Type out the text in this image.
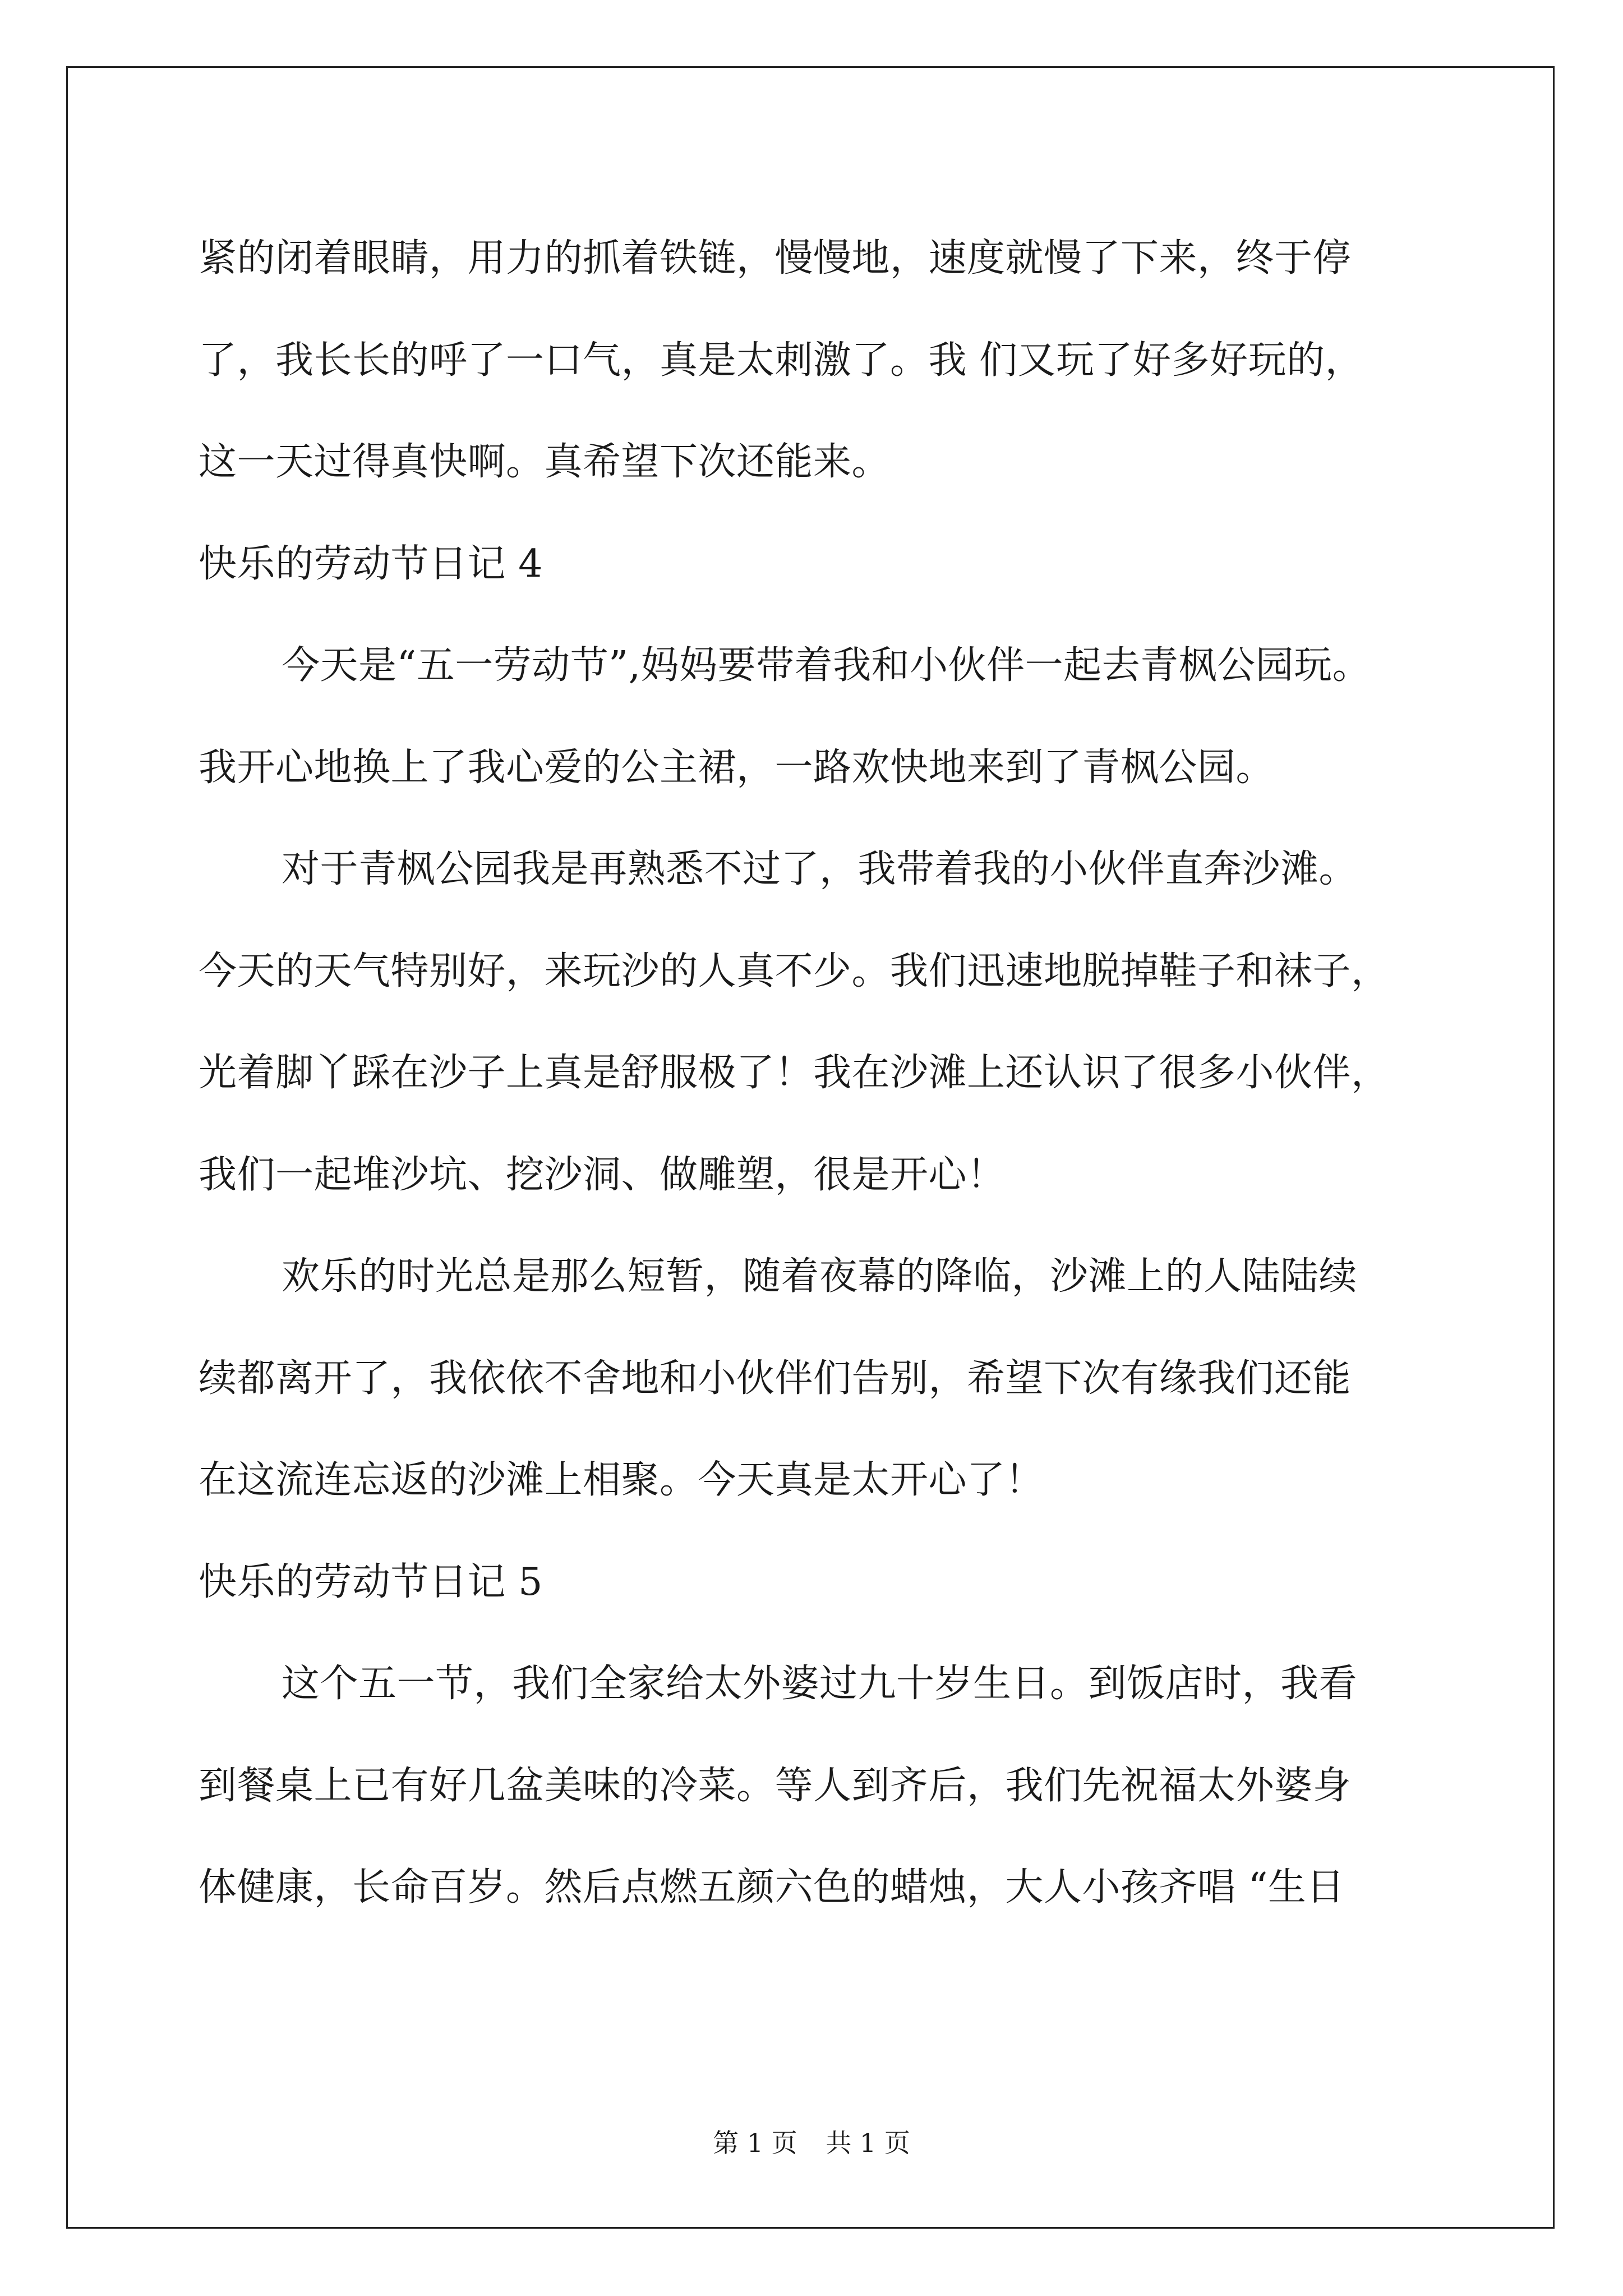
紧的闭着眼睛，用力的抓着铁链，慢慢地，速度就慢了下来，终于停
了，我长长的呼了一口气，真是太刺激了。我 们又玩了好多好玩的，
这一天过得真快啊。真希望下次还能来。
快乐的劳动节日记 4
今天是“五一劳动节”,妈妈要带着我和小伙伴一起去青枫公园玩。
我开心地换上了我心爱的公主裙，一路欢快地来到了青枫公园。
对于青枫公园我是再熟悉不过了，我带着我的小伙伴直奔沙滩。
今天的天气特别好，来玩沙的人真不少。我们迅速地脱掉鞋子和袜子，
光着脚丫踩在沙子上真是舒服极了！我在沙滩上还认识了很多小伙伴，
我们一起堆沙坑、挖沙洞、做雕塑，很是开心！
欢乐的时光总是那么短暂，随着夜幕的降临，沙滩上的人陆陆续
续都离开了，我依依不舍地和小伙伴们告别，希望下次有缘我们还能
在这流连忘返的沙滩上相聚。今天真是太开心了！
快乐的劳动节日记 5
这个五一节，我们全家给太外婆过九十岁生日。到饭店时，我看
到餐桌上已有好几盆美味的冷菜。等人到齐后，我们先祝福太外婆身
体健康，长命百岁。然后点燃五颜六色的蜡烛，大人小孩齐唱 “生日
第 1 页 共 1 页
